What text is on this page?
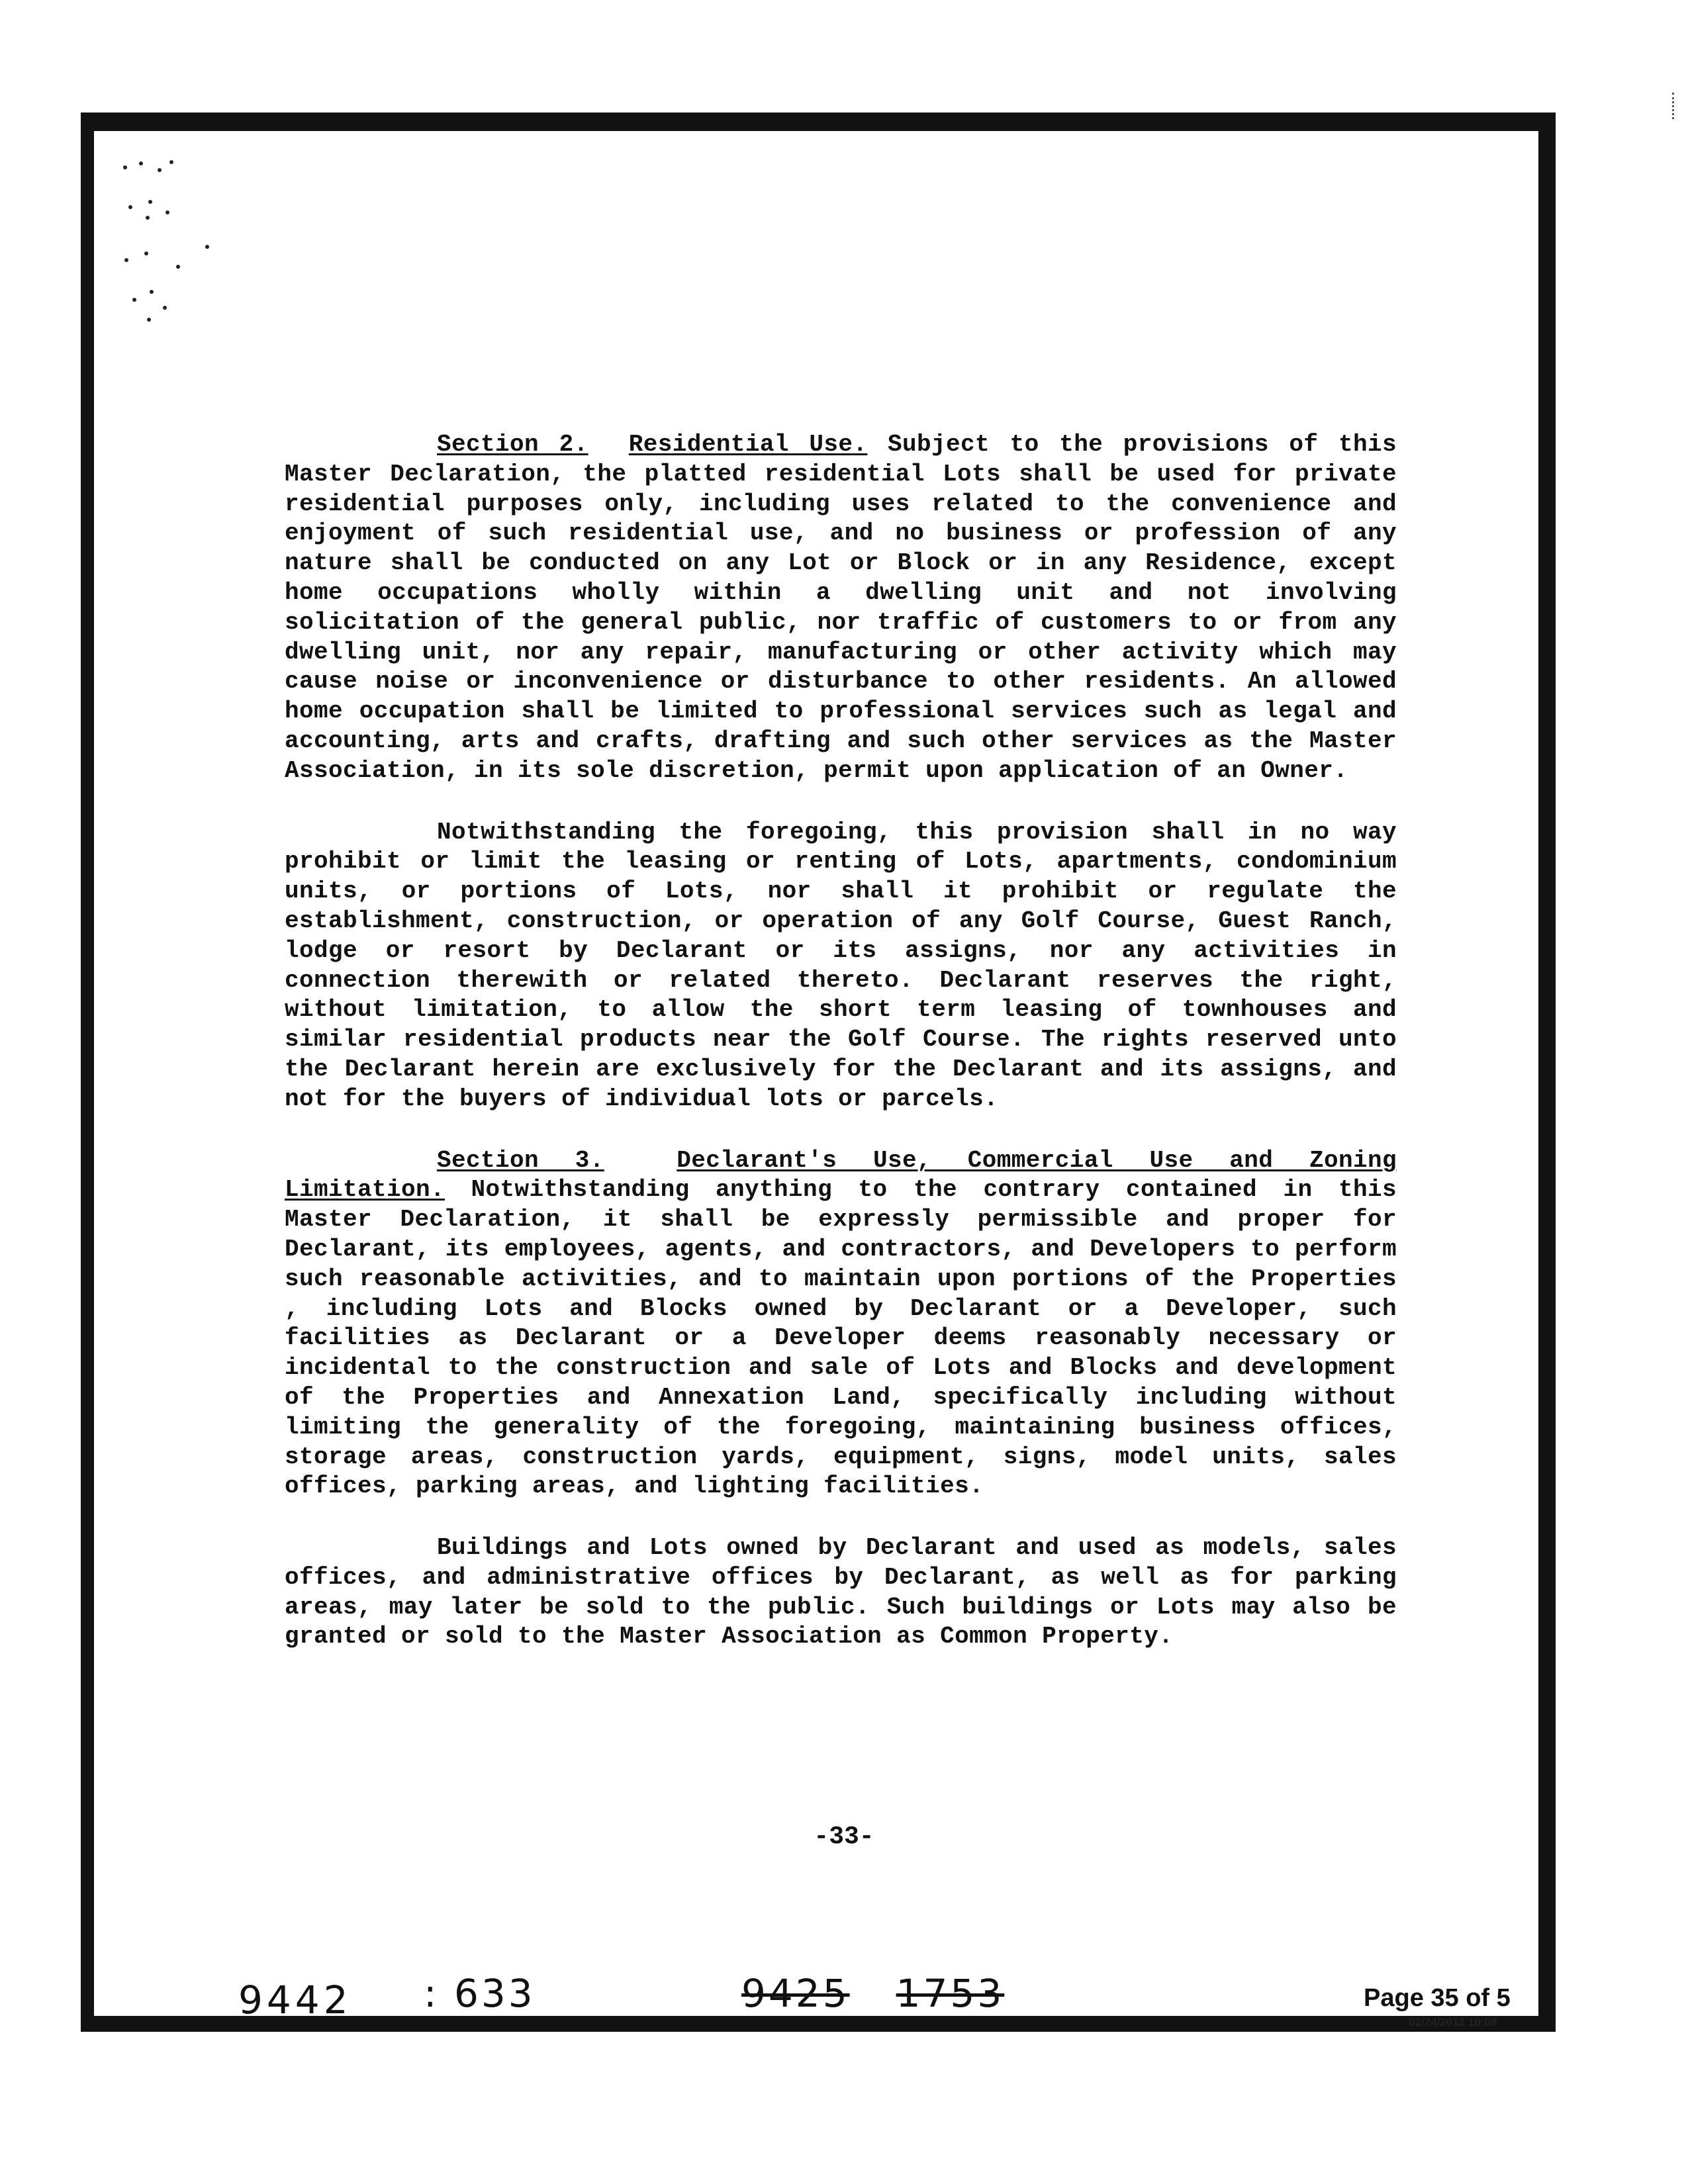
Section 2. Residential Use. Subject to the provisions of this Master Declaration, the platted residential Lots shall be used for private residential purposes only, including uses related to the convenience and enjoyment of such residential use, and no business or profession of any nature shall be conducted on any Lot or Block or in any Residence, except home occupations wholly within a dwelling unit and not involving solicitation of the general public, nor traffic of customers to or from any dwelling unit, nor any repair, manufacturing or other activity which may cause noise or inconvenience or disturbance to other residents. An allowed home occupation shall be limited to professional services such as legal and accounting, arts and crafts, drafting and such other services as the Master Association, in its sole discretion, permit upon application of an Owner.

Notwithstanding the foregoing, this provision shall in no way prohibit or limit the leasing or renting of Lots, apartments, condominium units, or portions of Lots, nor shall it prohibit or regulate the establishment, construction, or operation of any Golf Course, Guest Ranch, lodge or resort by Declarant or its assigns, nor any activities in connection therewith or related thereto. Declarant reserves the right, without limitation, to allow the short term leasing of townhouses and similar residential products near the Golf Course. The rights reserved unto the Declarant herein are exclusively for the Declarant and its assigns, and not for the buyers of individual lots or parcels.

Section 3.	Declarant's Use, Commercial Use and Zoning Limitation. Notwithstanding anything to the contrary contained in this Master Declaration, it shall be expressly permissible and proper for Declarant, its employees, agents, and contractors, and Developers to perform such reasonable activities, and to maintain upon portions of the Properties , including Lots and Blocks owned by Declarant or a Developer, such facilities as Declarant or a Developer deems reasonably necessary or incidental to the construction and sale of Lots and Blocks and development of the Properties and Annexation Land, specifically including without limiting the generality of the foregoing, maintaining business offices, storage areas, construction yards, equipment, signs, model units, sales offices, parking areas, and lighting facilities.

Buildings and Lots owned by Declarant and used as models, sales offices, and administrative offices by Declarant, as well as for parking areas, may later be sold to the public. Such buildings or Lots may also be granted or sold to the Master Association as Common Property.

-33-
9442 : 633	9425 1753	Page 35 of 5
02/24/2012 10:08
